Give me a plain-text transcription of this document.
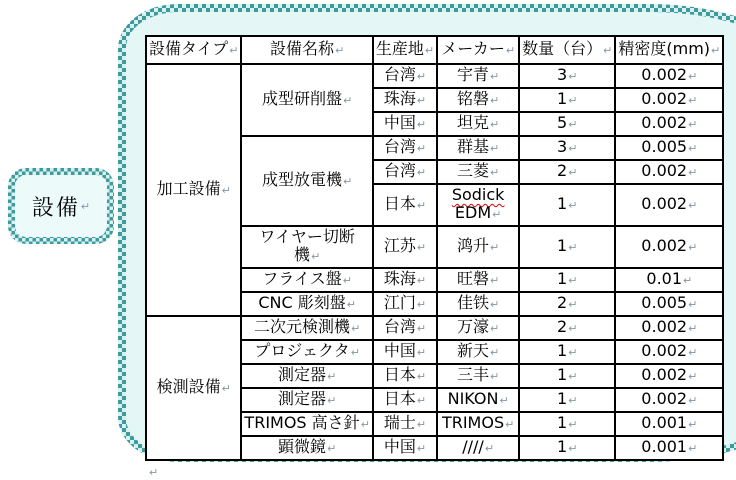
設備 ↵
設備タイプ↵	設備名称↵	生産地↵	メーカー↵	数量（台）↵	精密度(mm)↵

加工設備↵	成型研削盤↵	台湾↵	宇青↵	3↵	0.002↵

		珠海↵	铭磐↵	1↵	0.002↵

		中国↵	坦克↵	5↵	0.002↵

	成型放電機↵	台湾↵	群基↵	3↵	0.005↵

		台湾↵	三菱↵	2↵	0.002↵

		日本↵	Sodick
EDM↵	1↵	0.002↵

	ワイヤー切断
機↵	江苏↵	鸿升↵	1↵	0.002↵

	フライス盤↵	珠海↵	旺磐↵	1↵	0.01↵

	CNC 彫刻盤↵	江门↵	佳铁↵	2↵	0.005↵

検測設備↵	二次元検測機↵	台湾↵	万濠↵	2↵	0.002↵

	プロジェクタ↵	中国↵	新天↵	1↵	0.002↵

	測定器↵	日本↵	三丰↵	1↵	0.002↵

	測定器↵	日本↵	NIKON↵	1↵	0.002↵

	TRIMOS 高さ針↵	瑞士↵	TRIMOS↵	1↵	0.001↵

	顕微鏡↵	中国↵	////↵	1↵	0.001↵
↵
